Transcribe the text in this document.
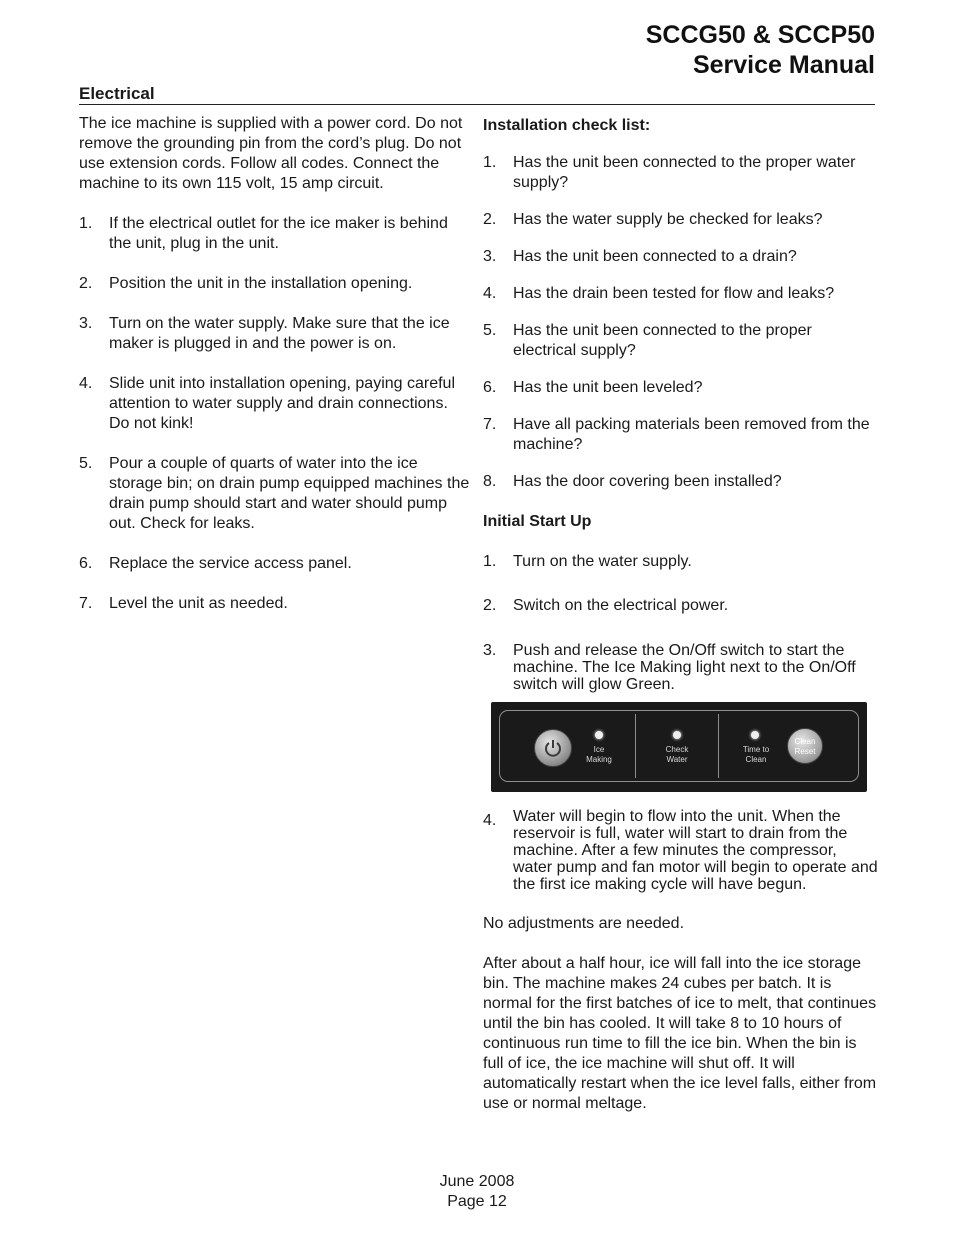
SCCG50 & SCCP50
Service Manual
Electrical

The ice machine is supplied with a power cord. Do not remove the grounding pin from the cord’s plug. Do not use extension cords. Follow all codes. Connect the machine to its own 115 volt, 15 amp circuit.

1. If the electrical outlet for the ice maker is behind the unit, plug in the unit.
2. Position the unit in the installation opening.
3. Turn on the water supply. Make sure that the ice maker is plugged in and the power is on.
4. Slide unit into installation opening, paying careful attention to water supply and drain connections. Do not kink!
5. Pour a couple of quarts of water into the ice storage bin; on drain pump equipped machines the drain pump should start and water should pump out. Check for leaks.
6. Replace the service access panel.
7. Level the unit as needed.

Installation check list:

1. Has the unit been connected to the proper water supply?
2. Has the water supply be checked for leaks?
3. Has the unit been connected to a drain?
4. Has the drain been tested for flow and leaks?
5. Has the unit been connected to the proper electrical supply?
6. Has the unit been leveled?
7. Have all packing materials been removed from the machine?
8. Has the door covering been installed?

Initial Start Up

1. Turn on the water supply.
2. Switch on the electrical power.
3. Push and release the On/Off switch to start the machine. The Ice Making light next to the On/Off switch will glow Green.
Ice
Making
Check
Water
Time to
Clean
Clean
Reset
4. Water will begin to flow into the unit. When the reservoir is full, water will start to drain from the machine. After a few minutes the compressor, water pump and fan motor will begin to operate and the first ice making cycle will have begun.

No adjustments are needed.

After about a half hour, ice will fall into the ice storage bin. The machine makes 24 cubes per batch. It is normal for the first batches of ice to melt, that continues until the bin has cooled. It will take 8 to 10 hours of continuous run time to fill the ice bin. When the bin is full of ice, the ice machine will shut off. It will automatically restart when the ice level falls, either from use or normal meltage.

June 2008
Page 12
